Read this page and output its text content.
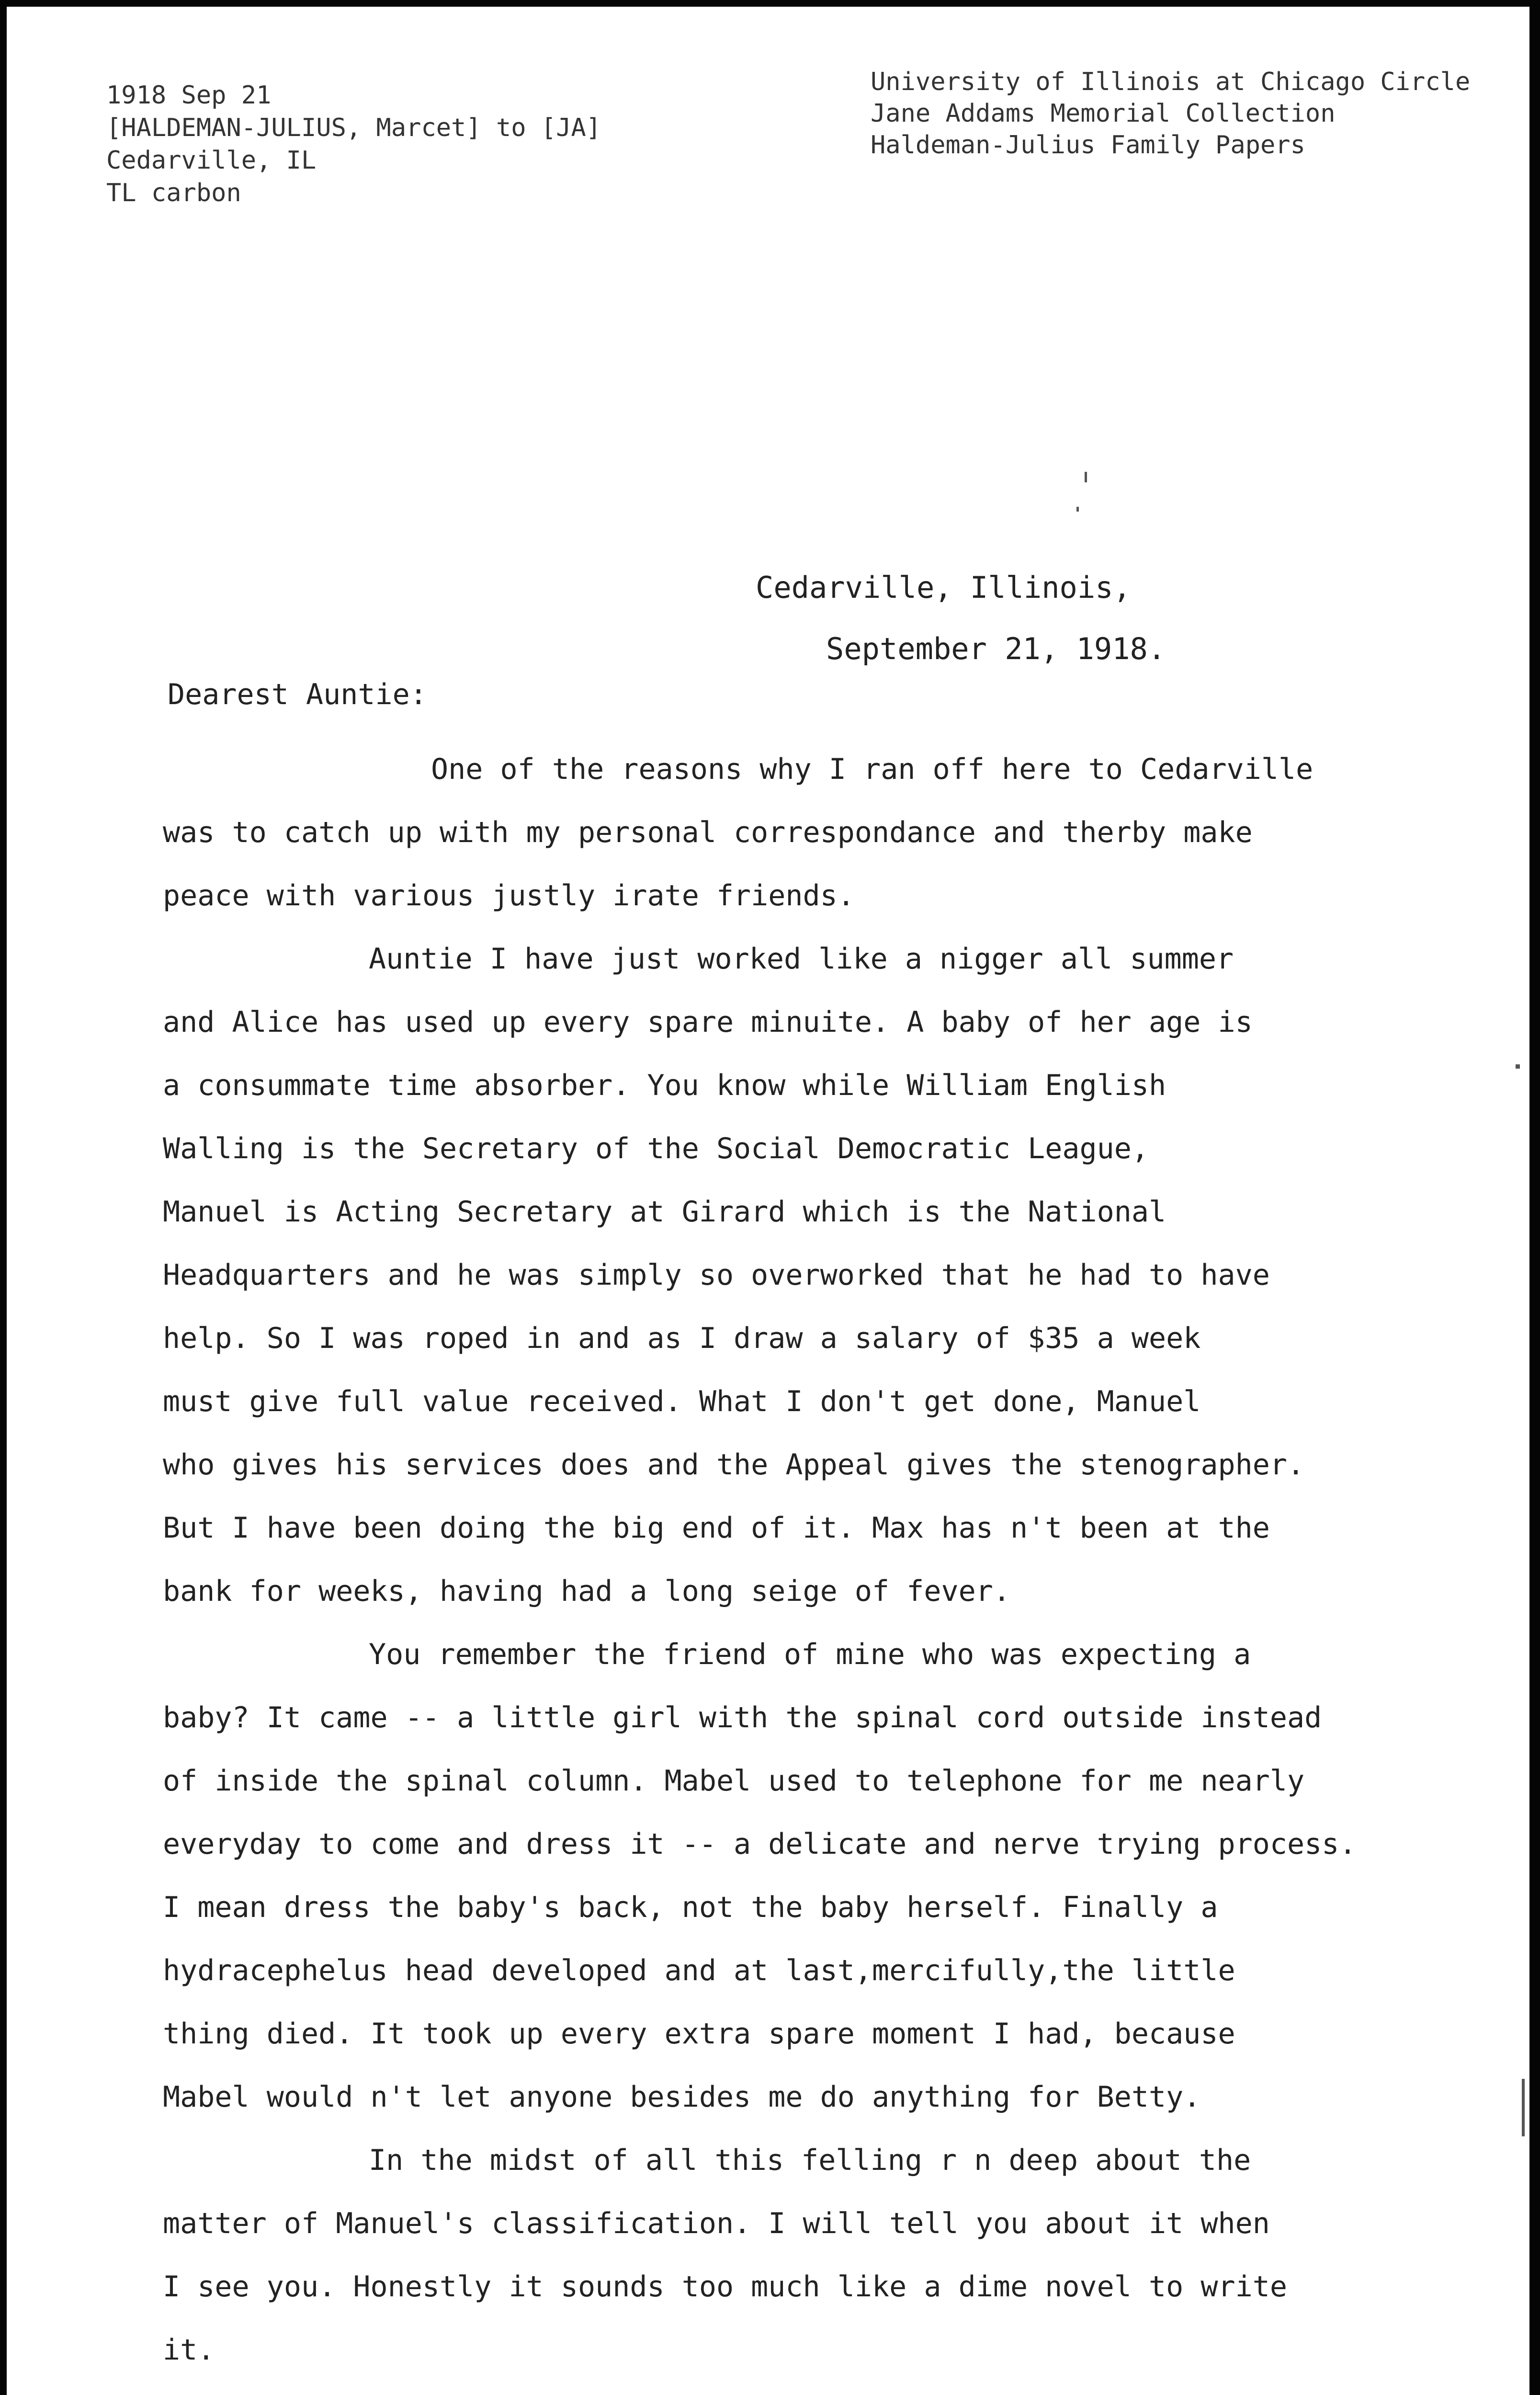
1918 Sep 21
[HALDEMAN-JULIUS, Marcet] to [JA]
Cedarville, IL
TL carbon
University of Illinois at Chicago Circle
Jane Addams Memorial Collection
Haldeman-Julius Family Papers
Cedarville, Illinois,
September 21, 1918.
Dearest Auntie:
One of the reasons why I ran off here to Cedarville
was to catch up with my personal correspondance and therby make
peace with various justly irate friends.
Auntie I have just worked like a nigger all summer
and Alice has used up every spare minuite. A baby of her age is
a consummate time absorber. You know while William English
Walling is the Secretary of the Social Democratic League,
Manuel is Acting Secretary at Girard which is the National
Headquarters and he was simply so overworked that he had to have
help. So I was roped in and as I draw a salary of $35 a week
must give full value received. What I don't get done, Manuel
who gives his services does and the Appeal gives the stenographer.
But I have been doing the big end of it. Max has n't been at the
bank for weeks, having had a long seige of fever.
You remember the friend of mine who was expecting a
baby? It came -- a little girl with the spinal cord outside instead
of inside the spinal column. Mabel used to telephone for me nearly
everyday to come and dress it -- a delicate and nerve trying process.
I mean dress the baby's back, not the baby herself. Finally a
hydracephelus head developed and at last,mercifully,the little
thing died. It took up every extra spare moment I had, because
Mabel would n't let anyone besides me do anything for Betty.
In the midst of all this felling r n deep about the
matter of Manuel's classification. I will tell you about it when
I see you. Honestly it sounds too much like a dime novel to write
it.
